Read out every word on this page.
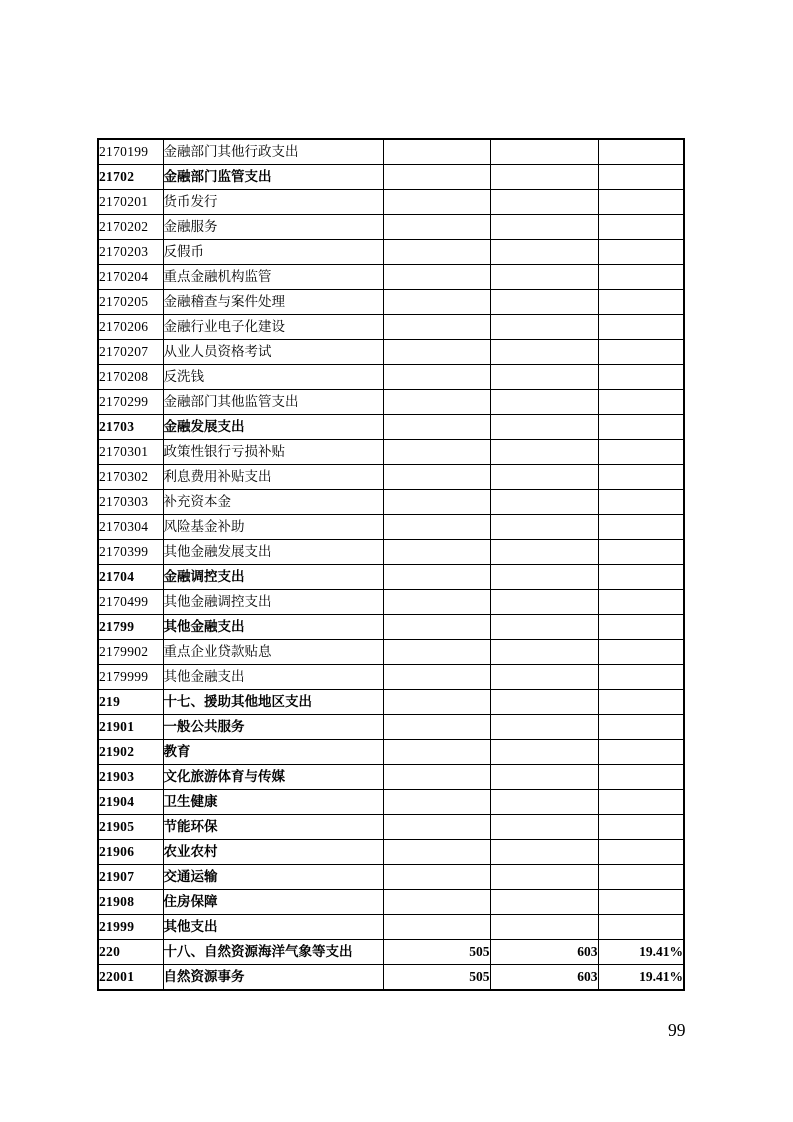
2170199	金融部门其他行政支出			
21702	金融部门监管支出			
2170201	货币发行			
2170202	金融服务			
2170203	反假币			
2170204	重点金融机构监管			
2170205	金融稽查与案件处理			
2170206	金融行业电子化建设			
2170207	从业人员资格考试			
2170208	反洗钱			
2170299	金融部门其他监管支出			
21703	金融发展支出			
2170301	政策性银行亏损补贴			
2170302	利息费用补贴支出			
2170303	补充资本金			
2170304	风险基金补助			
2170399	其他金融发展支出			
21704	金融调控支出			
2170499	其他金融调控支出			
21799	其他金融支出			
2179902	重点企业贷款贴息			
2179999	其他金融支出			
219	十七、援助其他地区支出			
21901	一般公共服务			
21902	教育			
21903	文化旅游体育与传媒			
21904	卫生健康			
21905	节能环保			
21906	农业农村			
21907	交通运输			
21908	住房保障			
21999	其他支出			
220	十八、自然资源海洋气象等支出	505	603	19.41%
22001	自然资源事务	505	603	19.41%
99
